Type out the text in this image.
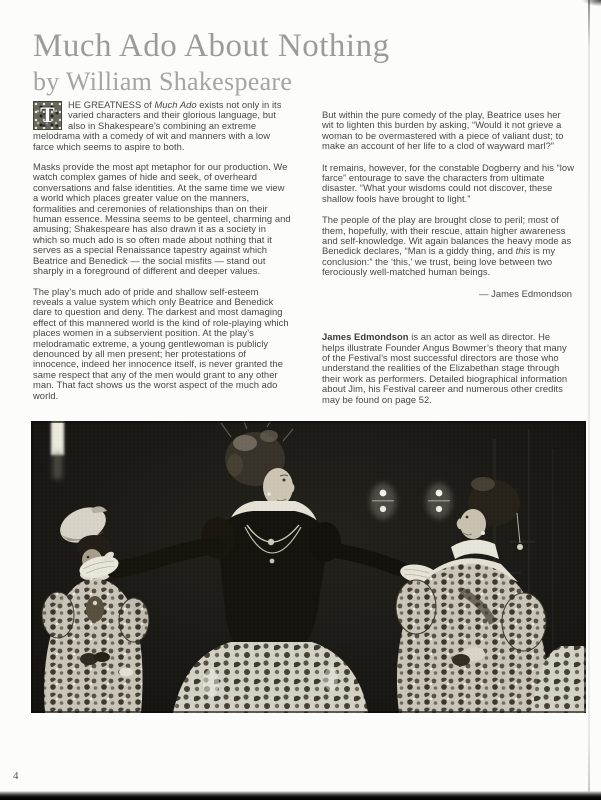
Much Ado About Nothing
by William Shakespeare

T	HE GREATNESS of Much Ado exists not only in its varied characters and their glorious language, but also in Shakespeare’s combining an extreme melodrama with a comedy of wit and manners with a low farce which seems to aspire to both.

Masks provide the most apt metaphor for our production. We watch complex games of hide and seek, of overheard conversations and false identities. At the same time we view a world which places greater value on the manners, formalities and ceremonies of relationships than on their human essence. Messina seems to be genteel, charming and amusing; Shakespeare has also drawn it as a society in which so much ado is so often made about nothing that it serves as a special Renaissance tapestry against which Beatrice and Benedick — the social misfits — stand out sharply in a foreground of different and deeper values.

The play’s much ado of pride and shallow self-esteem reveals a value system which only Beatrice and Benedick dare to question and deny. The darkest and most damaging effect of this mannered world is the kind of role-playing which places women in a subservient position. At the play’s melodramatic extreme, a young gentlewoman is publicly denounced by all men present; her protestations of innocence, indeed her innocence itself, is never granted the same respect that any of the men would grant to any other man. That fact shows us the worst aspect of the much ado world.

But within the pure comedy of the play, Beatrice uses her wit to lighten this burden by asking, “Would it not grieve a woman to be overmastered with a piece of valiant dust; to make an account of her life to a clod of wayward marl?”

It remains, however, for the constable Dogberry and his “low farce” entourage to save the characters from ultimate disaster. “What your wisdoms could not discover, these shallow fools have brought to light.”

The people of the play are brought close to peril; most of them, hopefully, with their rescue, attain higher awareness and self-knowledge. Wit again balances the heavy mode as Benedick declares, “Man is a giddy thing, and this is my conclusion:” the ‘this,’ we trust, being love between two ferociously well-matched human beings.

— James Edmondson

James Edmondson is an actor as well as director. He helps illustrate Founder Angus Bowmer’s theory that many of the Festival’s most successful directors are those who understand the realities of the Elizabethan stage through their work as performers. Detailed biographical information about Jim, his Festival career and numerous other credits may be found on page 52.

4
